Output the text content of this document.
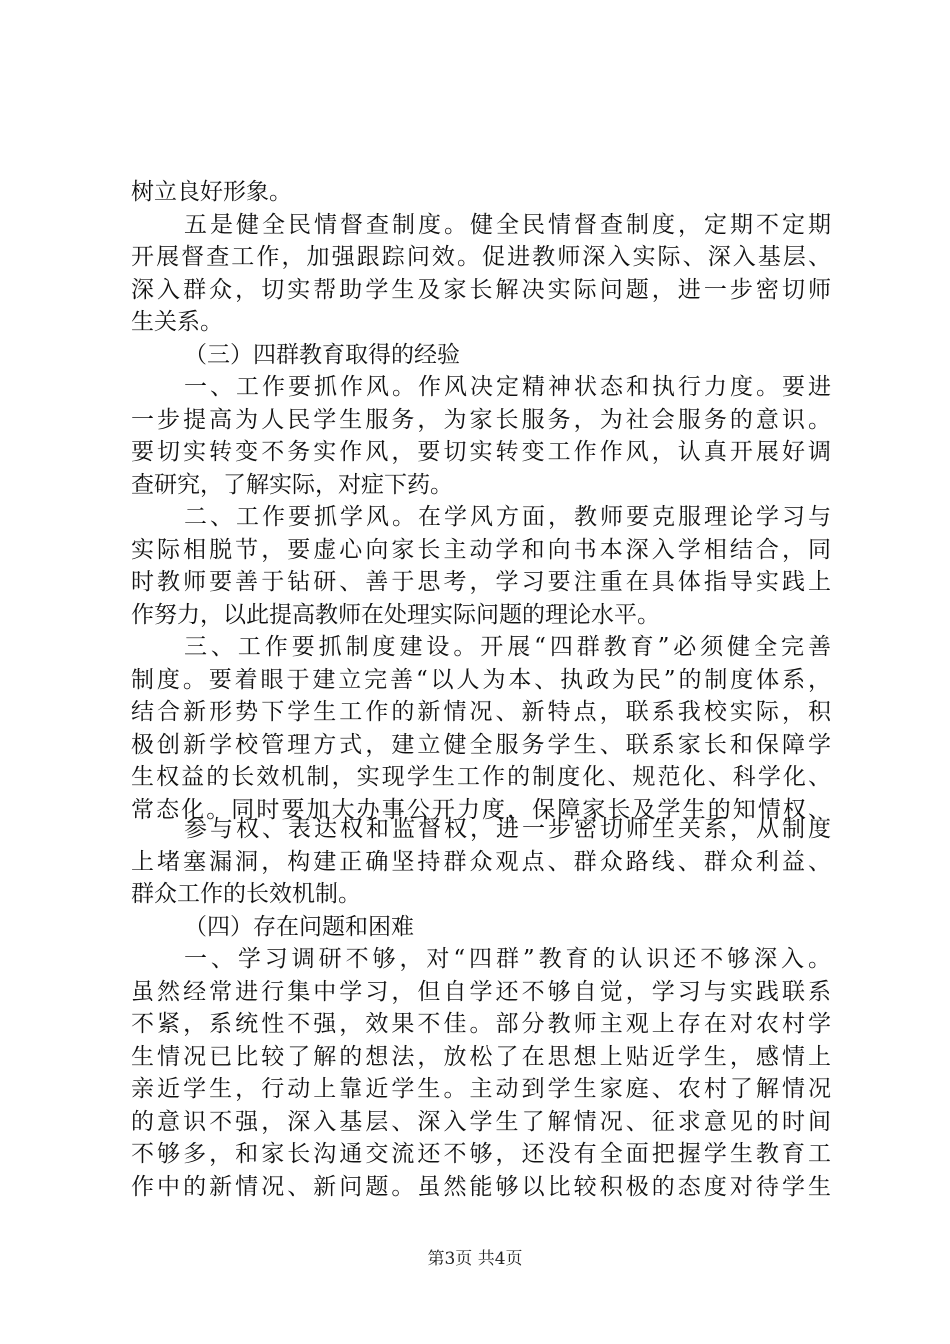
树立良好形象。
五是健全民情督查制度。健全民情督查制度，定期不定期
开展督查工作，加强跟踪问效。促进教师深入实际、深入基层、
深入群众，切实帮助学生及家长解决实际问题，进一步密切师
生关系。
（三）四群教育取得的经验
一、工作要抓作风。作风决定精神状态和执行力度。要进
一步提高为人民学生服务，为家长服务，为社会服务的意识。
要切实转变不务实作风，要切实转变工作作风，认真开展好调
查研究，了解实际，对症下药。
二、工作要抓学风。在学风方面，教师要克服理论学习与
实际相脱节，要虚心向家长主动学和向书本深入学相结合，同
时教师要善于钻研、善于思考，学习要注重在具体指导实践上
作努力，以此提高教师在处理实际问题的理论水平。
三、工作要抓制度建设。开展“四群教育”必须健全完善
制度。要着眼于建立完善“以人为本、执政为民”的制度体系，
结合新形势下学生工作的新情况、新特点，联系我校实际，积
极创新学校管理方式，建立健全服务学生、联系家长和保障学
生权益的长效机制，实现学生工作的制度化、规范化、科学化、
常态化。同时要加大办事公开力度，保障家长及学生的知情权、
参与权、表达权和监督权，进一步密切师生关系，从制度
上堵塞漏洞，构建正确坚持群众观点、群众路线、群众利益、
群众工作的长效机制。
（四）存在问题和困难
一、学习调研不够，对“四群”教育的认识还不够深入。
虽然经常进行集中学习，但自学还不够自觉，学习与实践联系
不紧，系统性不强，效果不佳。部分教师主观上存在对农村学
生情况已比较了解的想法，放松了在思想上贴近学生，感情上
亲近学生，行动上靠近学生。主动到学生家庭、农村了解情况
的意识不强，深入基层、深入学生了解情况、征求意见的时间
不够多，和家长沟通交流还不够，还没有全面把握学生教育工
作中的新情况、新问题。虽然能够以比较积极的态度对待学生
第3页 共4页
